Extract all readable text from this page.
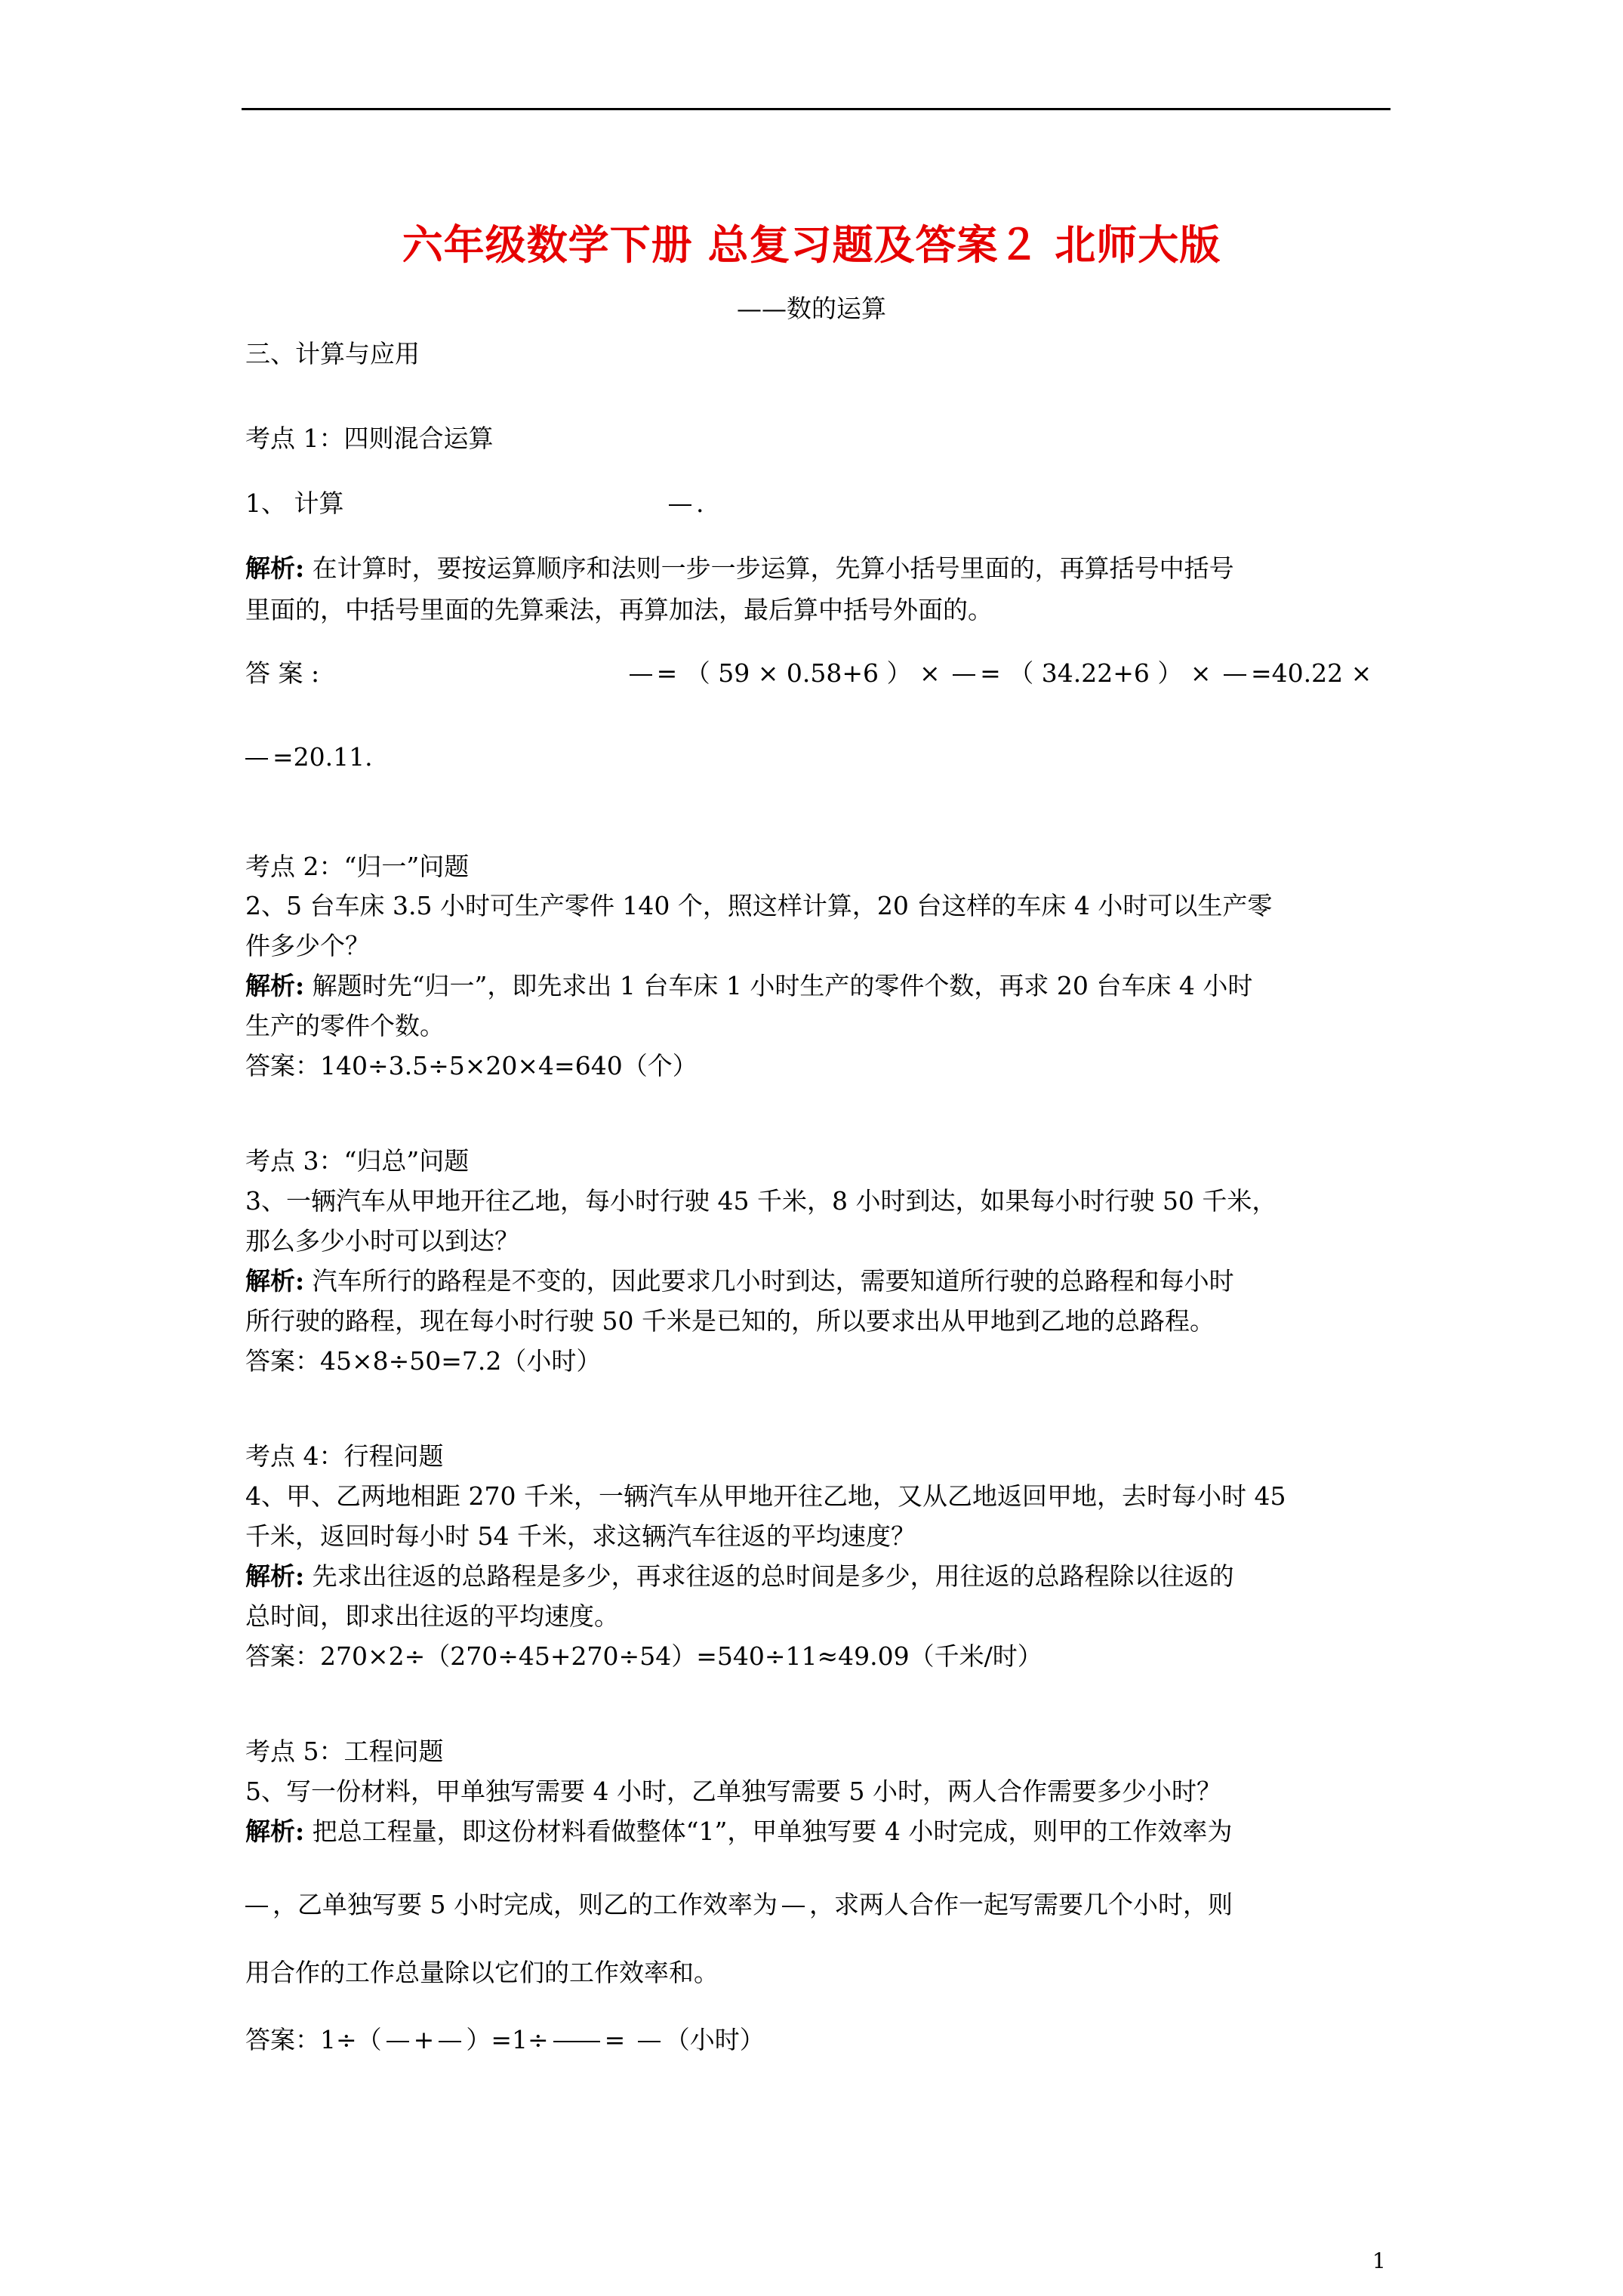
六年级数学下册 总复习题及答案２ 北师大版
——数的运算
三、计算与应用
考点 1：四则混合运算
1、 计算	.
解析: 在计算时，要按运算顺序和法则一步一步运算，先算小括号里面的，再算括号中括号
里面的，中括号里面的先算乘法，再算加法，最后算中括号外面的。
答 案 :	= （ 59 × 0.58+6 ） × = （ 34.22+6 ） × =40.22 ×
=20.11.
考点 2：“归一”问题
2、5 台车床 3.5 小时可生产零件 140 个，照这样计算，20 台这样的车床 4 小时可以生产零
件多少个？
解析: 解题时先“归一”，即先求出 1 台车床 1 小时生产的零件个数，再求 20 台车床 4 小时
生产的零件个数。
答案：140÷3.5÷5×20×4=640（个）
考点 3：“归总”问题
3、一辆汽车从甲地开往乙地，每小时行驶 45 千米，8 小时到达，如果每小时行驶 50 千米，
那么多少小时可以到达？
解析: 汽车所行的路程是不变的，因此要求几小时到达，需要知道所行驶的总路程和每小时
所行驶的路程，现在每小时行驶 50 千米是已知的，所以要求出从甲地到乙地的总路程。
答案：45×8÷50=7.2（小时）
考点 4：行程问题
4、甲、乙两地相距 270 千米，一辆汽车从甲地开往乙地，又从乙地返回甲地，去时每小时 45
千米，返回时每小时 54 千米，求这辆汽车往返的平均速度？
解析: 先求出往返的总路程是多少，再求往返的总时间是多少，用往返的总路程除以往返的
总时间，即求出往返的平均速度。
答案：270×2÷（270÷45+270÷54）=540÷11≈49.09（千米/时）
考点 5：工程问题
5、写一份材料，甲单独写需要 4 小时，乙单独写需要 5 小时，两人合作需要多少小时？
解析: 把总工程量，即这份材料看做整体“1”，甲单独写要 4 小时完成，则甲的工作效率为
，乙单独写要 5 小时完成，则乙的工作效率为 ，求两人合作一起写需要几个小时，则
用合作的工作总量除以它们的工作效率和。
答案：1÷（ + ）=1÷ = （小时）
1
